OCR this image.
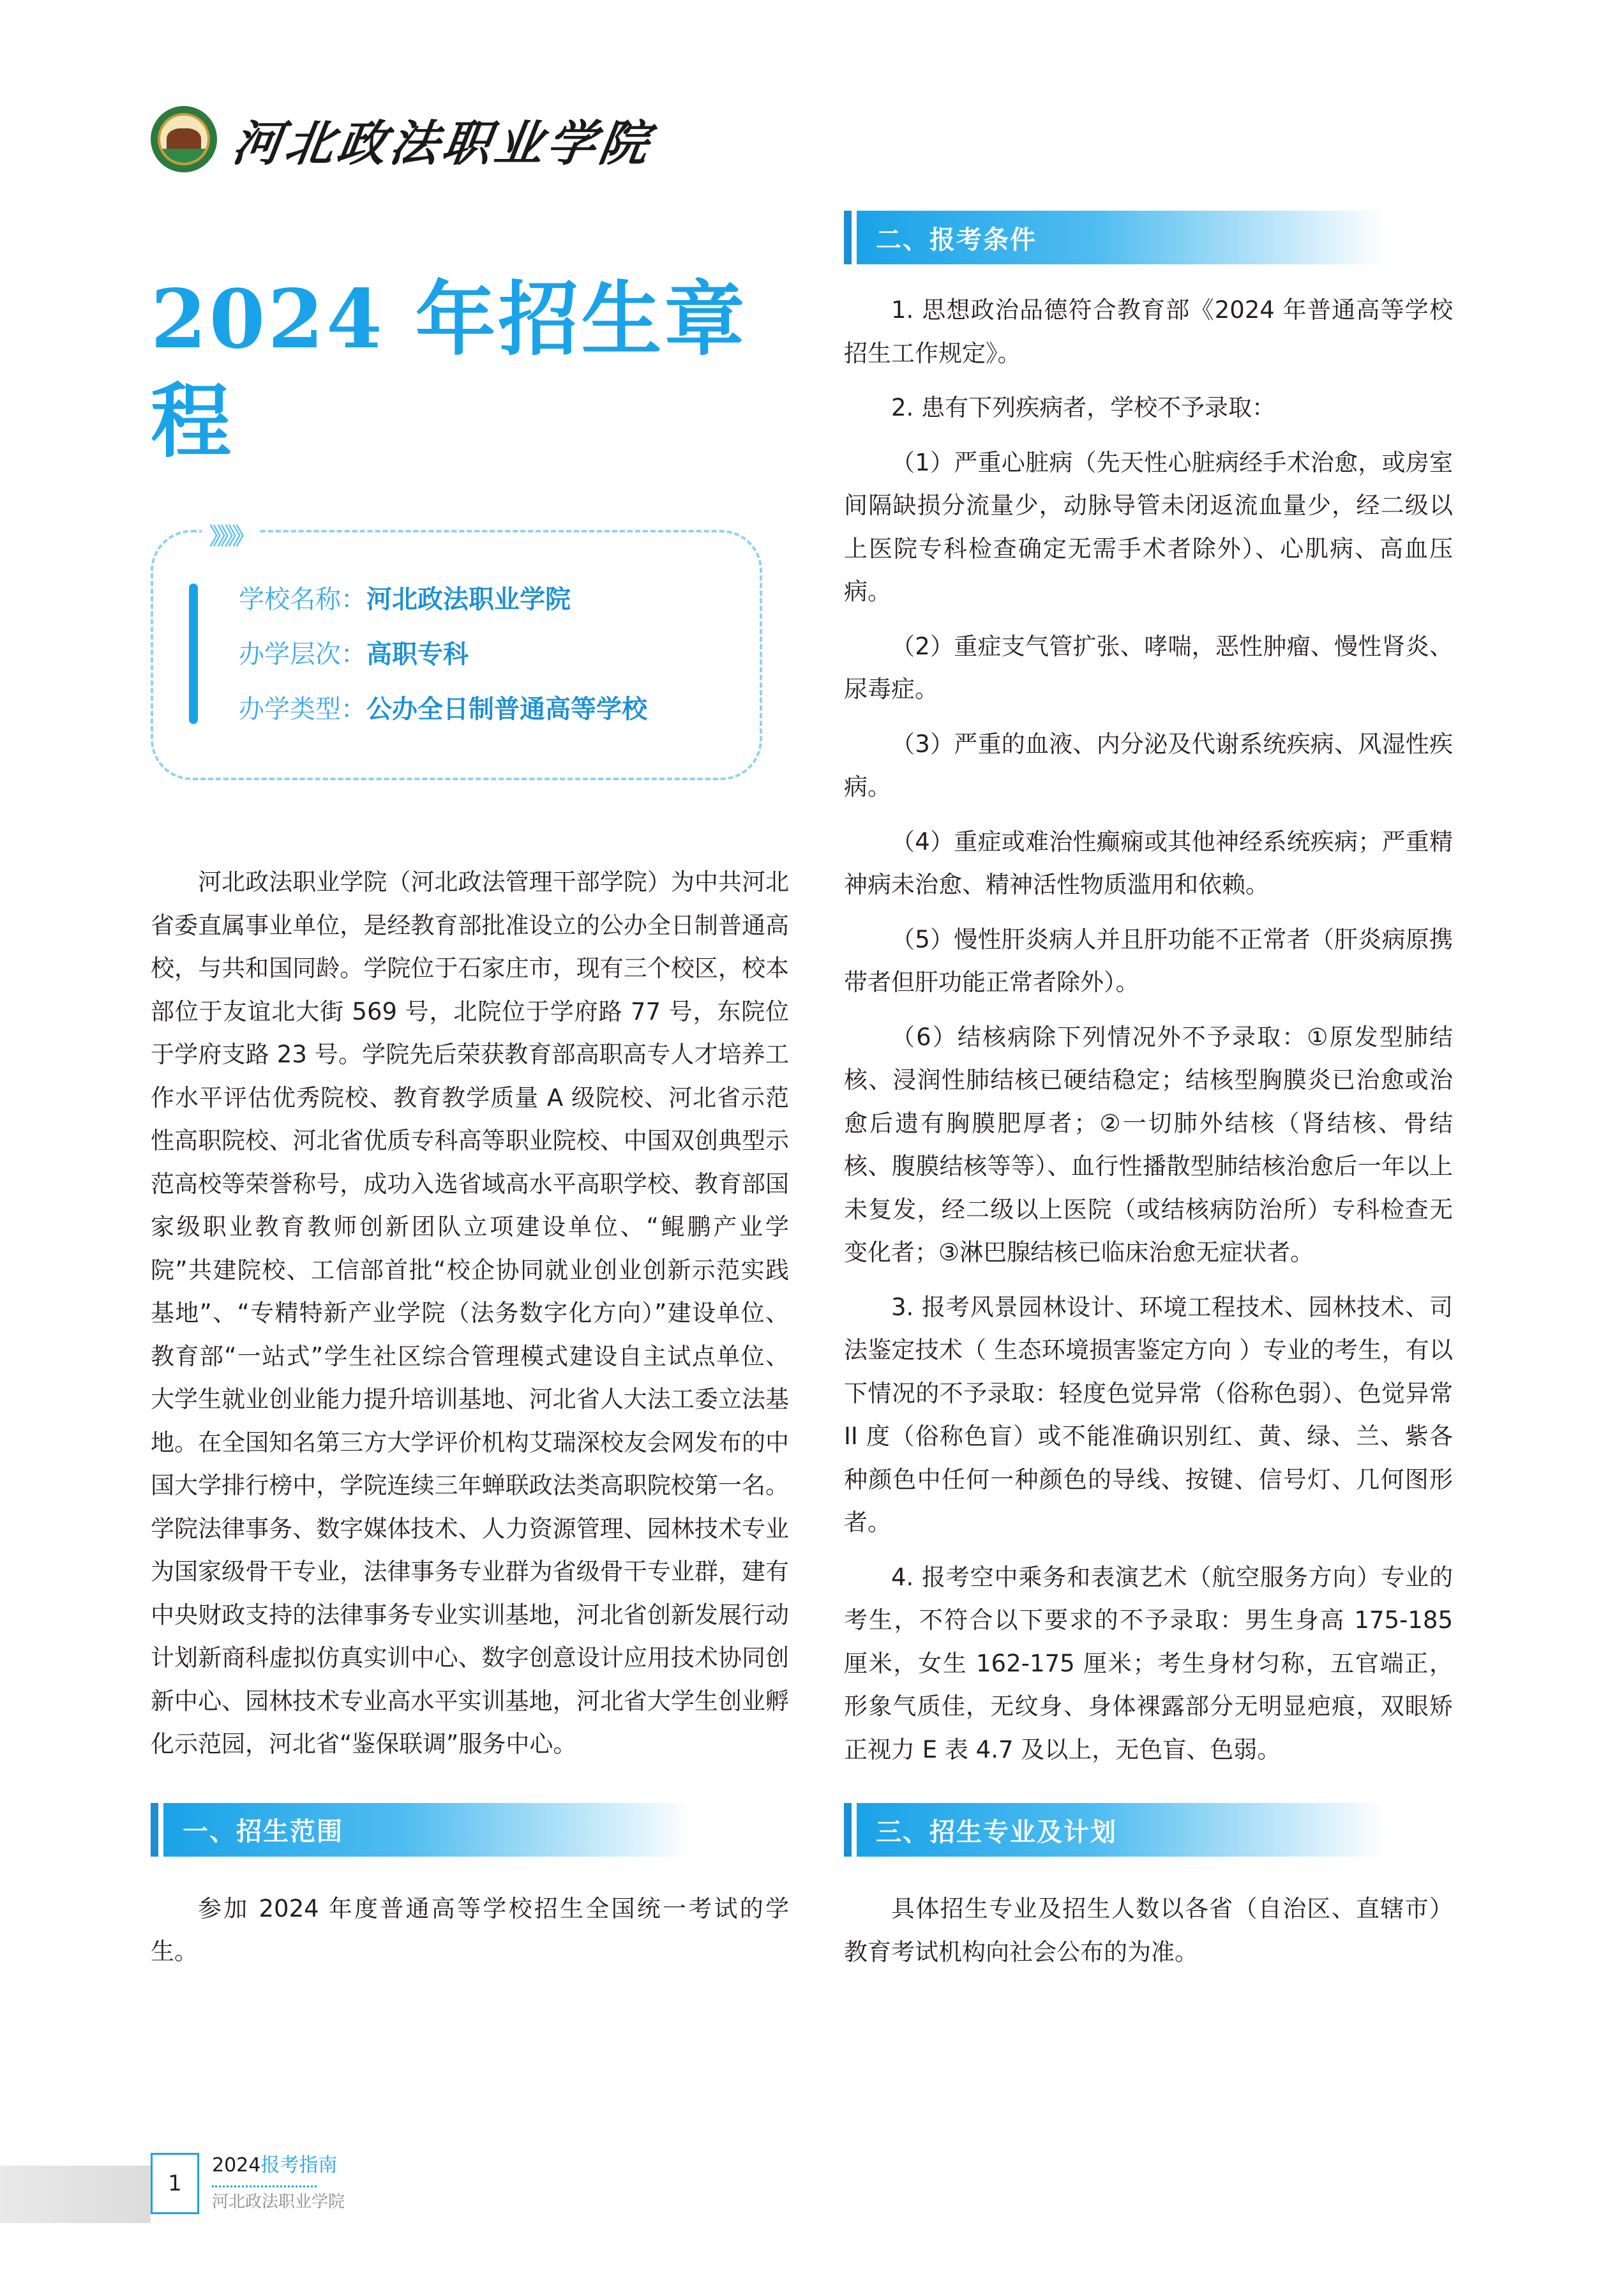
河北政法职业学院
2024 年招生章程
》》》》
学校名称：河北政法职业学院
办学层次：高职专科
办学类型：公办全日制普通高等学校

河北政法职业学院（河北政法管理干部学院）为中共河北省委直属事业单位，是经教育部批准设立的公办全日制普通高校，与共和国同龄。学院位于石家庄市，现有三个校区，校本部位于友谊北大街 569 号，北院位于学府路 77 号，东院位于学府支路 23 号。学院先后荣获教育部高职高专人才培养工作水平评估优秀院校、教育教学质量 A 级院校、河北省示范性高职院校、河北省优质专科高等职业院校、中国双创典型示范高校等荣誉称号，成功入选省域高水平高职学校、教育部国家级职业教育教师创新团队立项建设单位、“鲲鹏产业学院”共建院校、工信部首批“校企协同就业创业创新示范实践基地”、“专精特新产业学院（法务数字化方向）”建设单位、教育部“一站式”学生社区综合管理模式建设自主试点单位、大学生就业创业能力提升培训基地、河北省人大法工委立法基地。在全国知名第三方大学评价机构艾瑞深校友会网发布的中国大学排行榜中，学院连续三年蝉联政法类高职院校第一名。学院法律事务、数字媒体技术、人力资源管理、园林技术专业为国家级骨干专业，法律事务专业群为省级骨干专业群，建有中央财政支持的法律事务专业实训基地，河北省创新发展行动计划新商科虚拟仿真实训中心、数字创意设计应用技术协同创新中心、园林技术专业高水平实训基地，河北省大学生创业孵化示范园，河北省“鉴保联调”服务中心。

一、招生范围

参加 2024 年度普通高等学校招生全国统一考试的学生。

二、报考条件

1. 思想政治品德符合教育部《2024 年普通高等学校招生工作规定》。

2. 患有下列疾病者，学校不予录取：

（1）严重心脏病（先天性心脏病经手术治愈，或房室间隔缺损分流量少，动脉导管未闭返流血量少，经二级以上医院专科检查确定无需手术者除外）、心肌病、高血压病。

（2）重症支气管扩张、哮喘，恶性肿瘤、慢性肾炎、尿毒症。

（3）严重的血液、内分泌及代谢系统疾病、风湿性疾病。

（4）重症或难治性癫痫或其他神经系统疾病；严重精神病未治愈、精神活性物质滥用和依赖。

（5）慢性肝炎病人并且肝功能不正常者（肝炎病原携带者但肝功能正常者除外）。

（6）结核病除下列情况外不予录取：①原发型肺结核、浸润性肺结核已硬结稳定；结核型胸膜炎已治愈或治愈后遗有胸膜肥厚者；②一切肺外结核（肾结核、骨结核、腹膜结核等等）、血行性播散型肺结核治愈后一年以上未复发，经二级以上医院（或结核病防治所）专科检查无变化者；③淋巴腺结核已临床治愈无症状者。

3. 报考风景园林设计、环境工程技术、园林技术、司法鉴定技术（ 生态环境损害鉴定方向 ）专业的考生，有以下情况的不予录取：轻度色觉异常（俗称色弱）、色觉异常 II 度（俗称色盲）或不能准确识别红、黄、绿、兰、紫各种颜色中任何一种颜色的导线、按键、信号灯、几何图形者。

4. 报考空中乘务和表演艺术（航空服务方向）专业的考生，不符合以下要求的不予录取：男生身高 175-185 厘米，女生 162-175 厘米；考生身材匀称，五官端正，形象气质佳，无纹身、身体裸露部分无明显疤痕，双眼矫正视力 E 表 4.7 及以上，无色盲、色弱。

三、招生专业及计划

具体招生专业及招生人数以各省（自治区、直辖市）教育考试机构向社会公布的为准。

1
2024报考指南
河北政法职业学院
